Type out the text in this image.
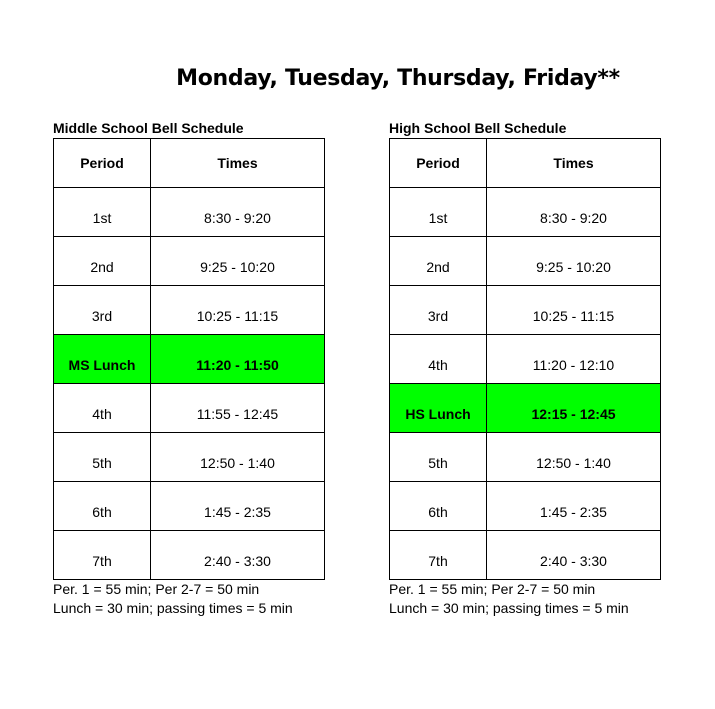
Monday, Tuesday, Thursday, Friday**
Middle School Bell Schedule
Period	Times
1st	8:30 - 9:20
2nd	9:25 - 10:20
3rd	10:25 - 11:15
MS Lunch	11:20 - 11:50
4th	11:55 - 12:45
5th	12:50 - 1:40
6th	1:45 - 2:35
7th	2:40 - 3:30
Per. 1 = 55 min; Per 2-7 = 50 min
Lunch = 30 min; passing times = 5 min
High School Bell Schedule
Period	Times
1st	8:30 - 9:20
2nd	9:25 - 10:20
3rd	10:25 - 11:15
4th	11:20 - 12:10
HS Lunch	12:15 - 12:45
5th	12:50 - 1:40
6th	1:45 - 2:35
7th	2:40 - 3:30
Per. 1 = 55 min; Per 2-7 = 50 min
Lunch = 30 min; passing times = 5 min
